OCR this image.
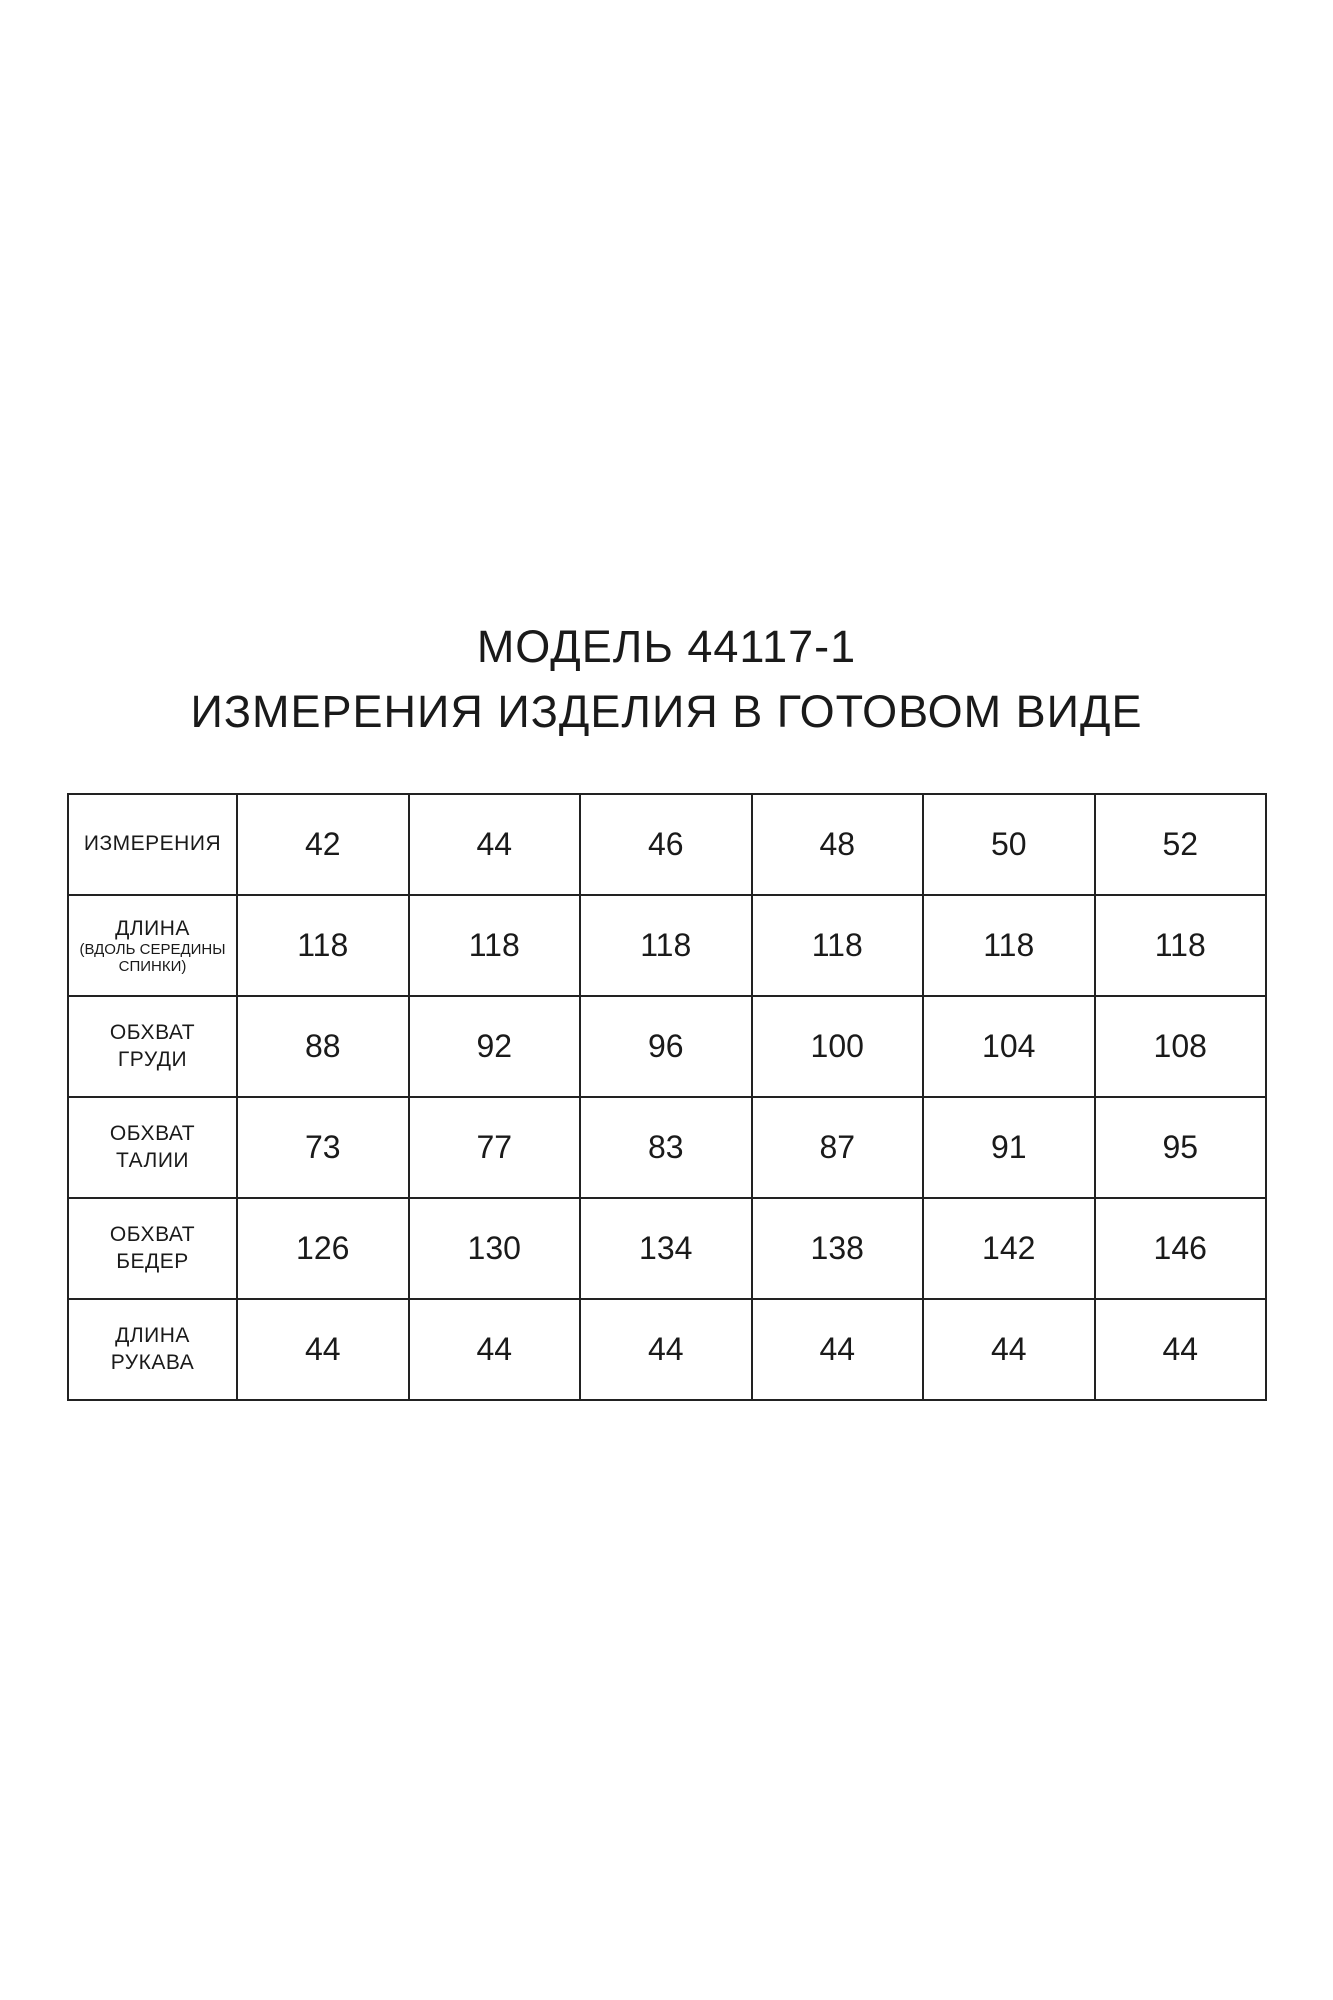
МОДЕЛЬ 44117-1
ИЗМЕРЕНИЯ ИЗДЕЛИЯ В ГОТОВОМ ВИДЕ
ИЗМЕРЕНИЯ	42	44	46	48	50	52
ДЛИНА
(ВДОЛЬ СЕРЕДИНЫ СПИНКИ)	118	118	118	118	118	118
ОБХВАТ
ГРУДИ	88	92	96	100	104	108
ОБХВАТ
ТАЛИИ	73	77	83	87	91	95
ОБХВАТ
БЕДЕР	126	130	134	138	142	146
ДЛИНА
РУКАВА	44	44	44	44	44	44
